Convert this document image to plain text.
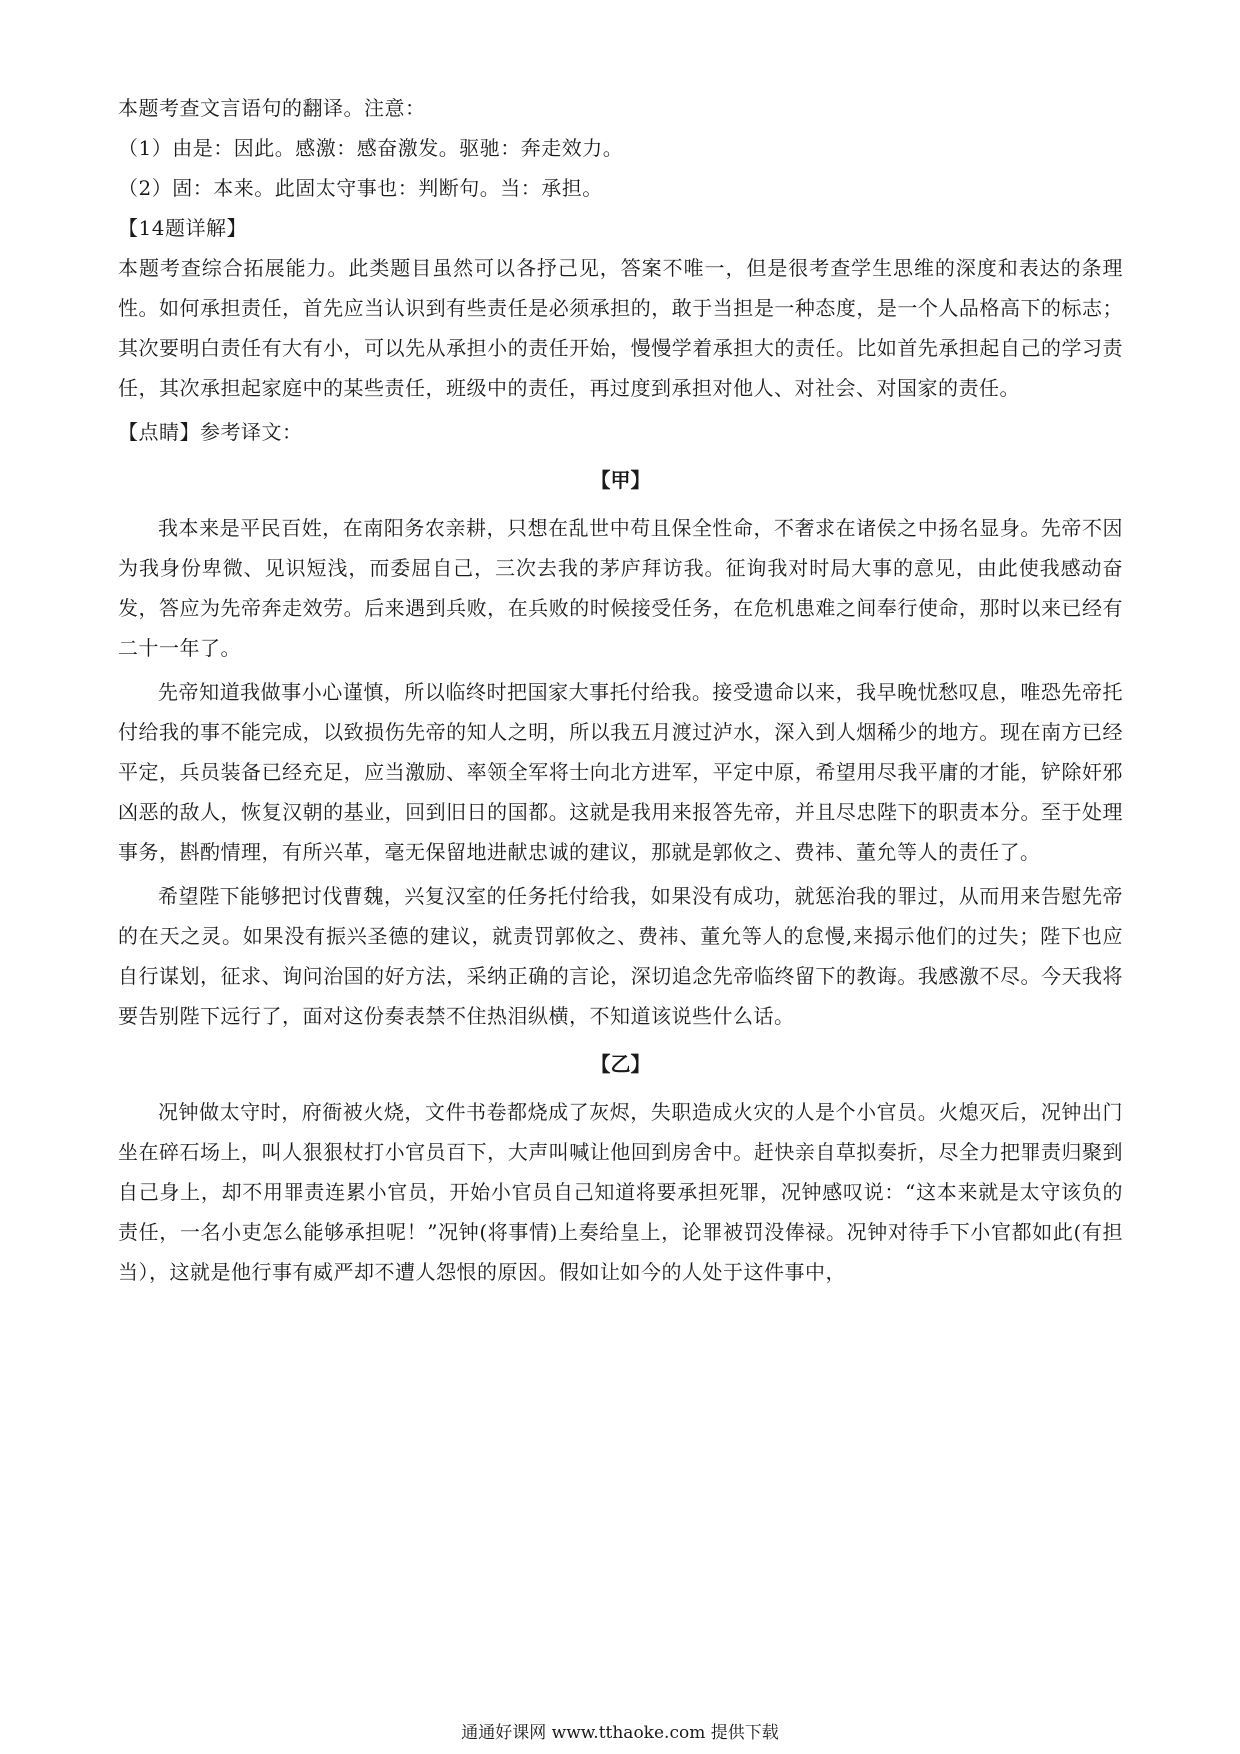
本题考查文言语句的翻译。注意：

（1）由是：因此。感激：感奋激发。驱驰：奔走效力。

（2）固：本来。此固太守事也：判断句。当：承担。

【14题详解】

本题考查综合拓展能力。此类题目虽然可以各抒己见，答案不唯一，但是很考查学生思维的深度和表达的条理性。如何承担责任，首先应当认识到有些责任是必须承担的，敢于当担是一种态度，是一个人品格高下的标志；其次要明白责任有大有小，可以先从承担小的责任开始，慢慢学着承担大的责任。比如首先承担起自己的学习责任，其次承担起家庭中的某些责任，班级中的责任，再过度到承担对他人、对社会、对国家的责任。

【点睛】参考译文：

【甲】

我本来是平民百姓，在南阳务农亲耕，只想在乱世中苟且保全性命，不奢求在诸侯之中扬名显身。先帝不因为我身份卑微、见识短浅，而委屈自己，三次去我的茅庐拜访我。征询我对时局大事的意见，由此使我感动奋发，答应为先帝奔走效劳。后来遇到兵败，在兵败的时候接受任务，在危机患难之间奉行使命，那时以来已经有二十一年了。

先帝知道我做事小心谨慎，所以临终时把国家大事托付给我。接受遗命以来，我早晚忧愁叹息，唯恐先帝托付给我的事不能完成，以致损伤先帝的知人之明，所以我五月渡过泸水，深入到人烟稀少的地方。现在南方已经平定，兵员装备已经充足，应当激励、率领全军将士向北方进军，平定中原，希望用尽我平庸的才能，铲除奸邪凶恶的敌人，恢复汉朝的基业，回到旧日的国都。这就是我用来报答先帝，并且尽忠陛下的职责本分。至于处理事务，斟酌情理，有所兴革，毫无保留地进献忠诚的建议，那就是郭攸之、费祎、董允等人的责任了。

希望陛下能够把讨伐曹魏，兴复汉室的任务托付给我，如果没有成功，就惩治我的罪过，从而用来告慰先帝的在天之灵。如果没有振兴圣德的建议，就责罚郭攸之、费祎、董允等人的怠慢,来揭示他们的过失；陛下也应自行谋划，征求、询问治国的好方法，采纳正确的言论，深切追念先帝临终留下的教诲。我感激不尽。今天我将要告别陛下远行了，面对这份奏表禁不住热泪纵横，不知道该说些什么话。

【乙】

况钟做太守时，府衙被火烧，文件书卷都烧成了灰烬，失职造成火灾的人是个小官员。火熄灭后，况钟出门坐在碎石场上，叫人狠狠杖打小官员百下，大声叫喊让他回到房舍中。赶快亲自草拟奏折，尽全力把罪责归聚到自己身上，却不用罪责连累小官员，开始小官员自己知道将要承担死罪，况钟感叹说：“这本来就是太守该负的责任，一名小吏怎么能够承担呢！”况钟(将事情)上奏给皇上，论罪被罚没俸禄。况钟对待手下小官都如此(有担当），这就是他行事有威严却不遭人怨恨的原因。假如让如今的人处于这件事中，

通通好课网 www.tthaoke.com 提供下载
